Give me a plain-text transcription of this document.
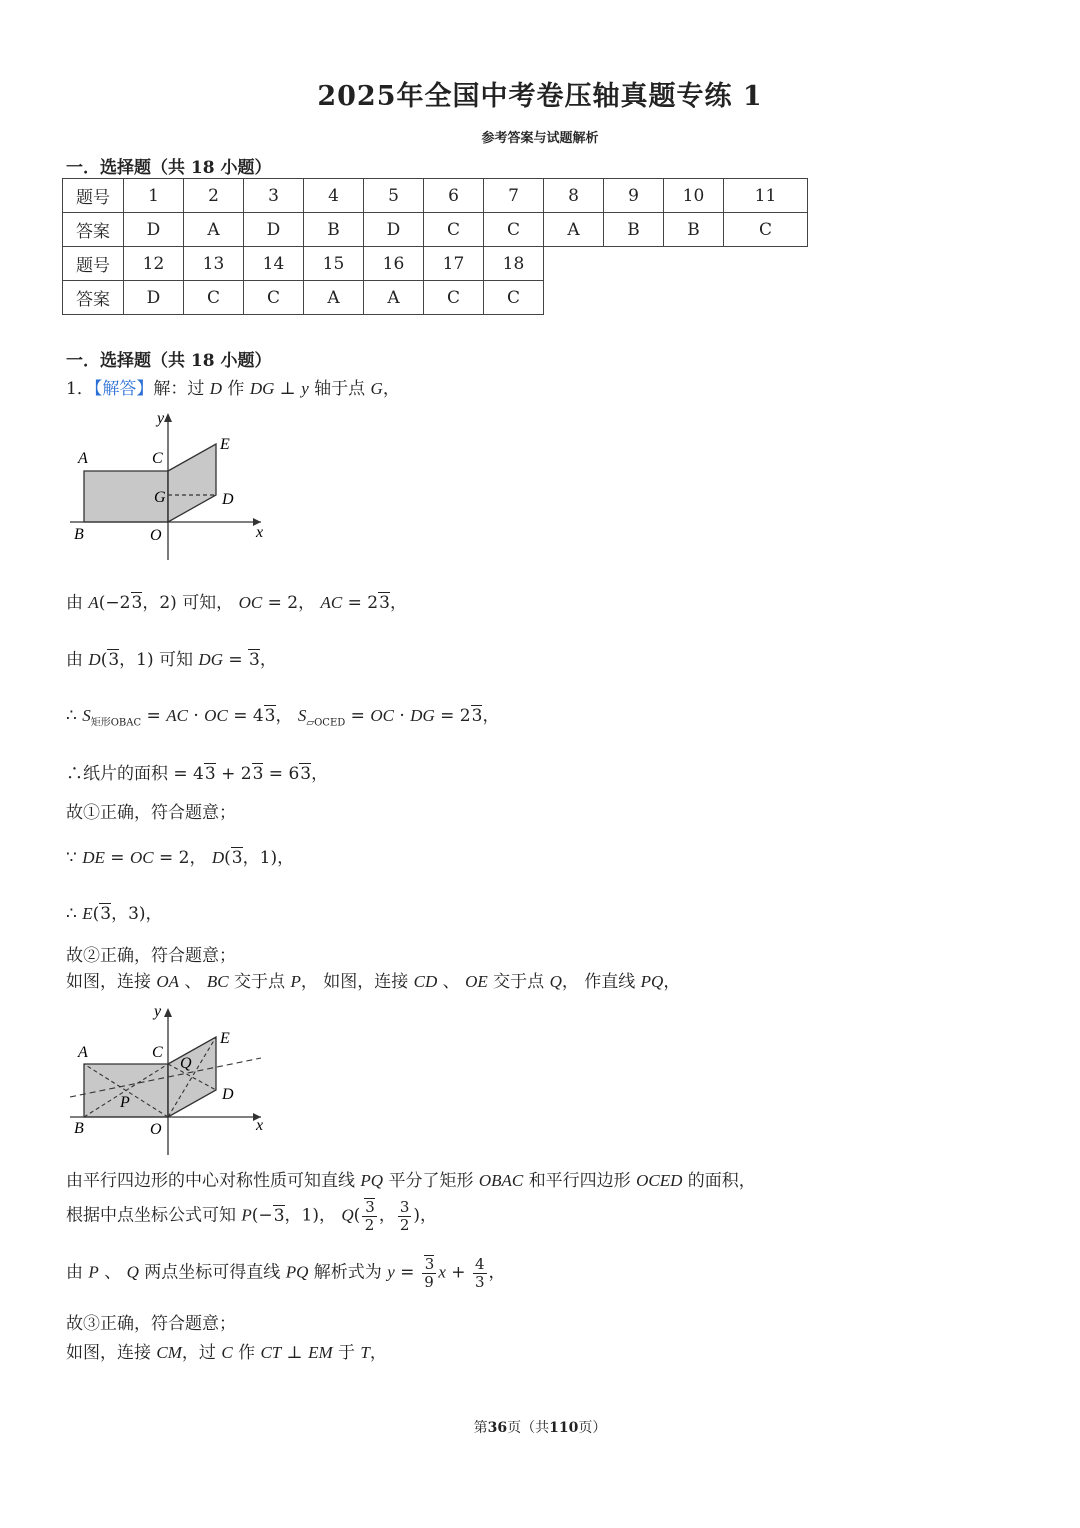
2025年全国中考卷压轴真题专练 1
参考答案与试题解析
一．选择题（共 18 小题）
题号	1	2	3	4	5	6	7	8	9	10	11
答案	D	A	D	B	D	C	C	A	B	B	C
题号	12	13	14	15	16	17	18				
答案	D	C	C	A	A	C	C				
一．选择题（共 18 小题）
1．【解答】解：过 D 作 DG ⊥ y 轴于点 G，
y
x
A	C
E
G	D
B	O
由 A(−23，2) 可知， OC = 2， AC = 23，
由 D(3，1) 可知 DG = 3，
∴ $S_{矩形OBAC}$ = AC · OC = 43， $S_{▱OCED}$ = OC · DG = 23，
∴纸片的面积 = 43 + 23 = 63，
故①正确，符合题意；
∵ DE = OC = 2， D(3，1)，
∴ E(3，3)，
故②正确，符合题意；
如图，连接 OA 、 BC 交于点 P， 如图，连接 CD 、 OE 交于点 Q， 作直线 PQ，
y
x
A	C
E
Q
P	D
B	O
由平行四边形的中心对称性质可知直线 PQ 平分了矩形 OBAC 和平行四边形 OCED 的面积，
根据中点坐标公式可知 P(−3，1)， $Q( \frac{3}{2}$ ， $\frac{3}{2}$ )，
由 P 、 Q 两点坐标可得直线 PQ 解析式为 $y = \frac{3}{9}$ $x + \frac{4}{3}$ ，
故③正确，符合题意；
如图，连接 CM，过 C 作 CT ⊥ EM 于 T，
第36页（共110页）
